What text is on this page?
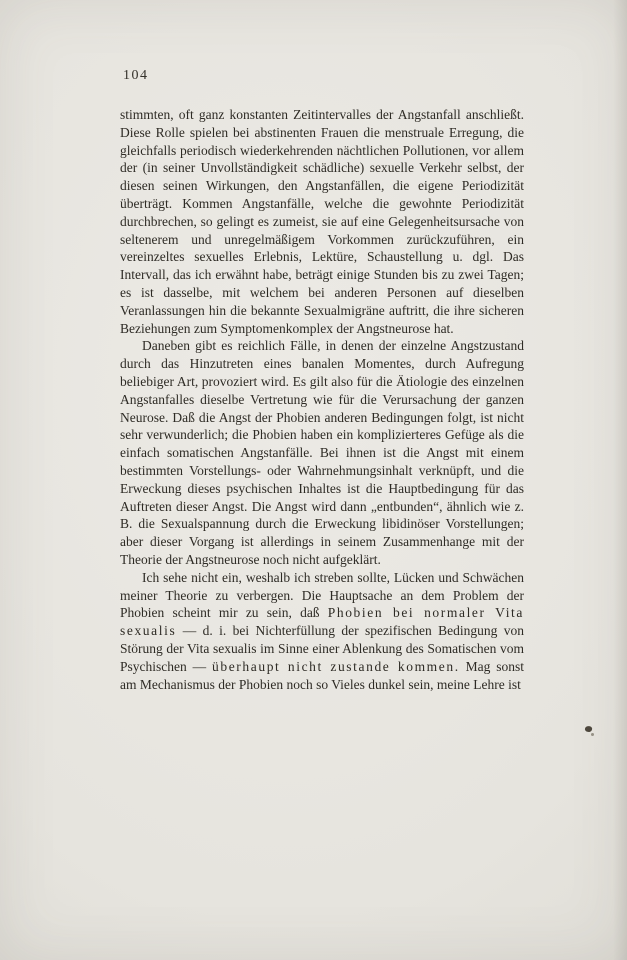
104

stimmten, oft ganz konstanten Zeitintervalles der Angstanfall anschließt. Diese Rolle spielen bei abstinenten Frauen die menstruale Erregung, die gleichfalls periodisch wiederkehrenden nächtlichen Pollutionen, vor allem der (in seiner Unvollständigkeit schädliche) sexuelle Verkehr selbst, der diesen seinen Wirkungen, den Angstanfällen, die eigene Periodizität überträgt. Kommen Angstanfälle, welche die gewohnte Periodizität durchbrechen, so gelingt es zumeist, sie auf eine Gelegenheitsursache von seltenerem und unregelmäßigem Vorkommen zurückzuführen, ein vereinzeltes sexuelles Erlebnis, Lektüre, Schaustellung u. dgl. Das Intervall, das ich erwähnt habe, beträgt einige Stunden bis zu zwei Tagen; es ist dasselbe, mit welchem bei anderen Personen auf dieselben Veranlassungen hin die bekannte Sexualmigräne auftritt, die ihre sicheren Beziehungen zum Symptomenkomplex der Angstneurose hat.

Daneben gibt es reichlich Fälle, in denen der einzelne Angstzustand durch das Hinzutreten eines banalen Momentes, durch Aufregung beliebiger Art, provoziert wird. Es gilt also für die Ätiologie des einzelnen Angstanfalles dieselbe Vertretung wie für die Verursachung der ganzen Neurose. Daß die Angst der Phobien anderen Bedingungen folgt, ist nicht sehr verwunderlich; die Phobien haben ein komplizierteres Gefüge als die einfach somatischen Angstanfälle. Bei ihnen ist die Angst mit einem bestimmten Vorstellungs- oder Wahrnehmungsinhalt verknüpft, und die Erweckung dieses psychischen Inhaltes ist die Hauptbedingung für das Auftreten dieser Angst. Die Angst wird dann „entbunden“, ähnlich wie z. B. die Sexualspannung durch die Erweckung libidinöser Vorstellungen; aber dieser Vorgang ist allerdings in seinem Zusammenhange mit der Theorie der Angstneurose noch nicht aufgeklärt.

Ich sehe nicht ein, weshalb ich streben sollte, Lücken und Schwächen meiner Theorie zu verbergen. Die Hauptsache an dem Problem der Phobien scheint mir zu sein, daß Phobien bei normaler Vita sexualis — d. i. bei Nichterfüllung der spezifischen Bedingung von Störung der Vita sexualis im Sinne einer Ablenkung des Somatischen vom Psychischen — überhaupt nicht zustande kommen. Mag sonst am Mechanismus der Phobien noch so Vieles dunkel sein, meine Lehre ist
